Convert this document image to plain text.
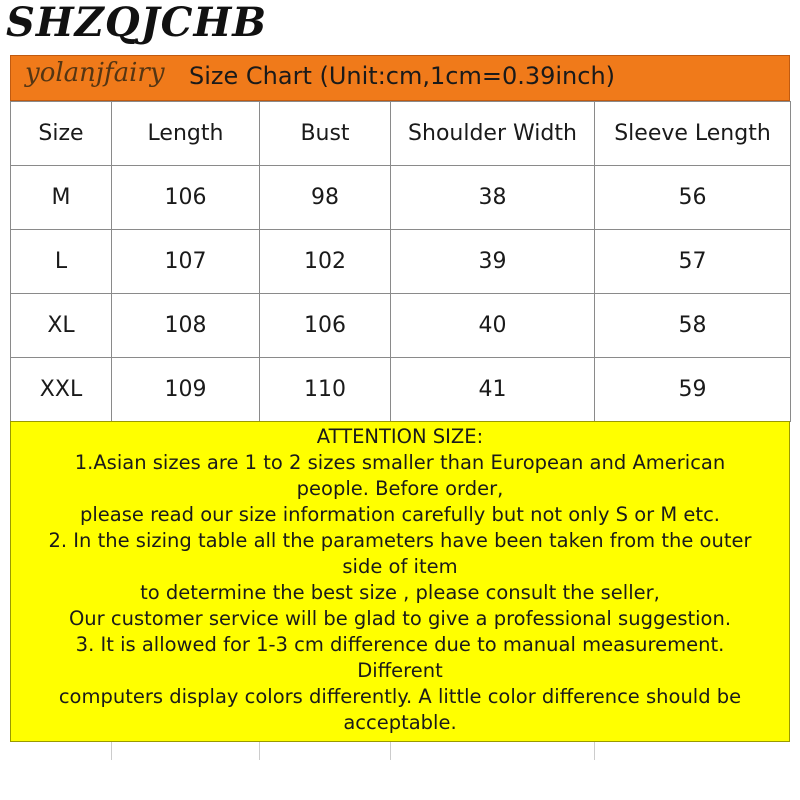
SHZQJCHB
yolanjfairy Size Chart (Unit:cm,1cm=0.39inch)
Size	Length	Bust	Shoulder Width	Sleeve Length
M	106	98	38	56
L	107	102	39	57
XL	108	106	40	58
XXL	109	110	41	59

ATTENTION SIZE:

1.Asian sizes are 1 to 2 sizes smaller than European and American

people. Before order,

please read our size information carefully but not only S or M etc.

2. In the sizing table all the parameters have been taken from the outer

side of item

to determine the best size , please consult the seller,

Our customer service will be glad to give a professional suggestion.

3. It is allowed for 1-3 cm difference due to manual measurement.

Different

computers display colors differently. A little color difference should be

acceptable.
